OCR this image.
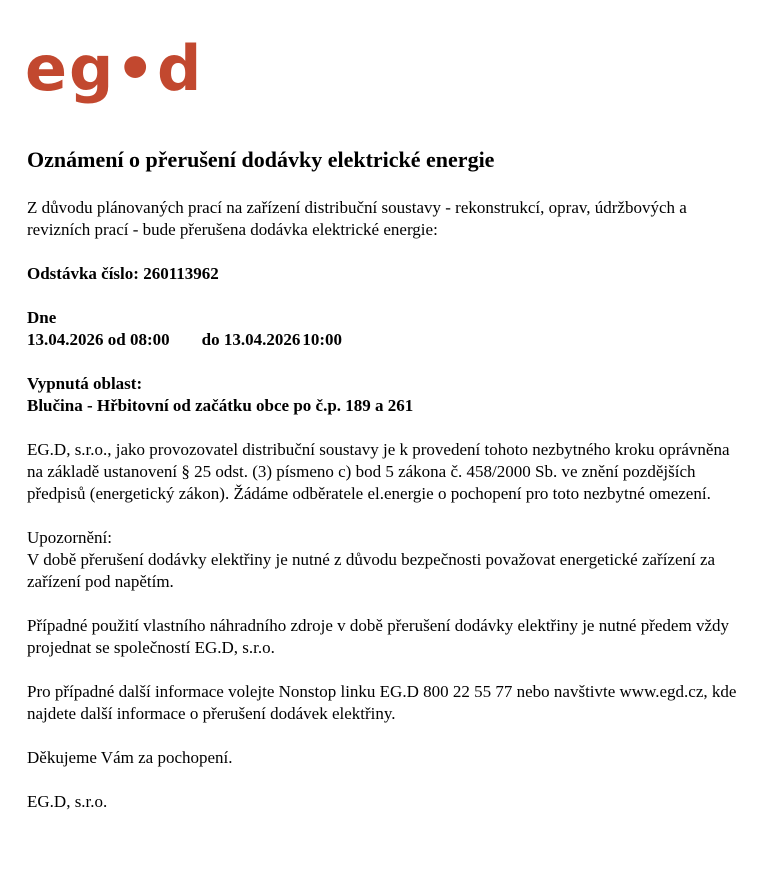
eg•d
Oznámení o přerušení dodávky elektrické energie

Z důvodu plánovaných prací na zařízení distribuční soustavy - rekonstrukcí, oprav, údržbových a revizních prací - bude přerušena dodávka elektrické energie:

Odstávka číslo: 260113962

Dne
13.04.2026 od 08:00 do 13.04.2026 10:00

Vypnutá oblast:
Blučina - Hřbitovní od začátku obce po č.p. 189 a 261

EG.D, s.r.o., jako provozovatel distribuční soustavy je k provedení tohoto nezbytného kroku oprávněna na základě ustanovení § 25 odst. (3) písmeno c) bod 5 zákona č. 458/2000 Sb. ve znění pozdějších předpisů (energetický zákon). Žádáme odběratele el.energie o pochopení pro toto nezbytné omezení.

Upozornění:
V době přerušení dodávky elektřiny je nutné z důvodu bezpečnosti považovat energetické zařízení za zařízení pod napětím.

Případné použití vlastního náhradního zdroje v době přerušení dodávky elektřiny je nutné předem vždy projednat se společností EG.D, s.r.o.

Pro případné další informace volejte Nonstop linku EG.D 800 22 55 77 nebo navštivte www.egd.cz, kde najdete další informace o přerušení dodávek elektřiny.

Děkujeme Vám za pochopení.

EG.D, s.r.o.
